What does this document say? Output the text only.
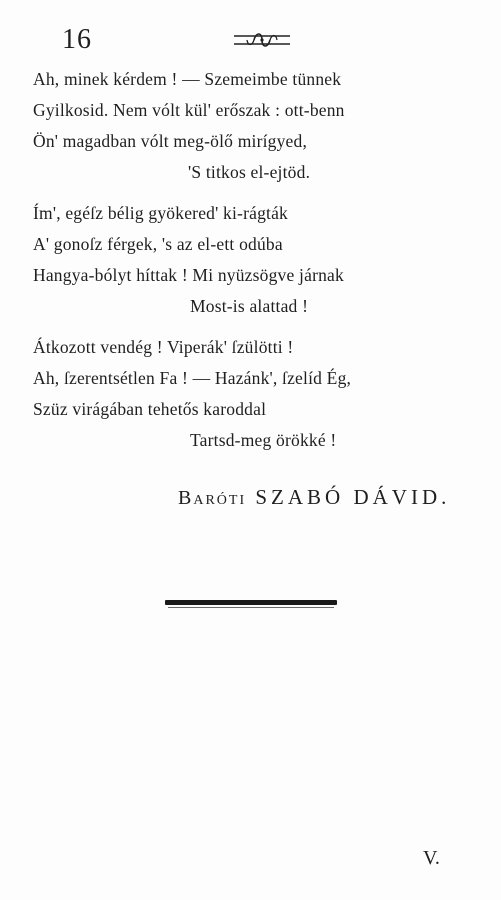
16
Ah, minek kérdem ! — Szemeimbe tünnek
Gyilkosid. Nem vólt kül' erőszak : ott-benn
Ön' magadban vólt meg-ölő mirígyed,
'S titkos el-ejtöd.
Ím', egéſz bélig gyökered' ki-rágták
A' gonoſz férgek, 's az el-ett odúba
Hangya-bólyt híttak ! Mi nyüzsögve járnak
Most-is alattad !
Átkozott vendég ! Viperák' ſzülötti !
Ah, ſzerentsétlen Fa ! — Hazánk', ſzelíd Ég,
Szüz virágában tehetős karoddal
Tartsd-meg örökké !
Baróti SZABÓ DÁVID.
V.
